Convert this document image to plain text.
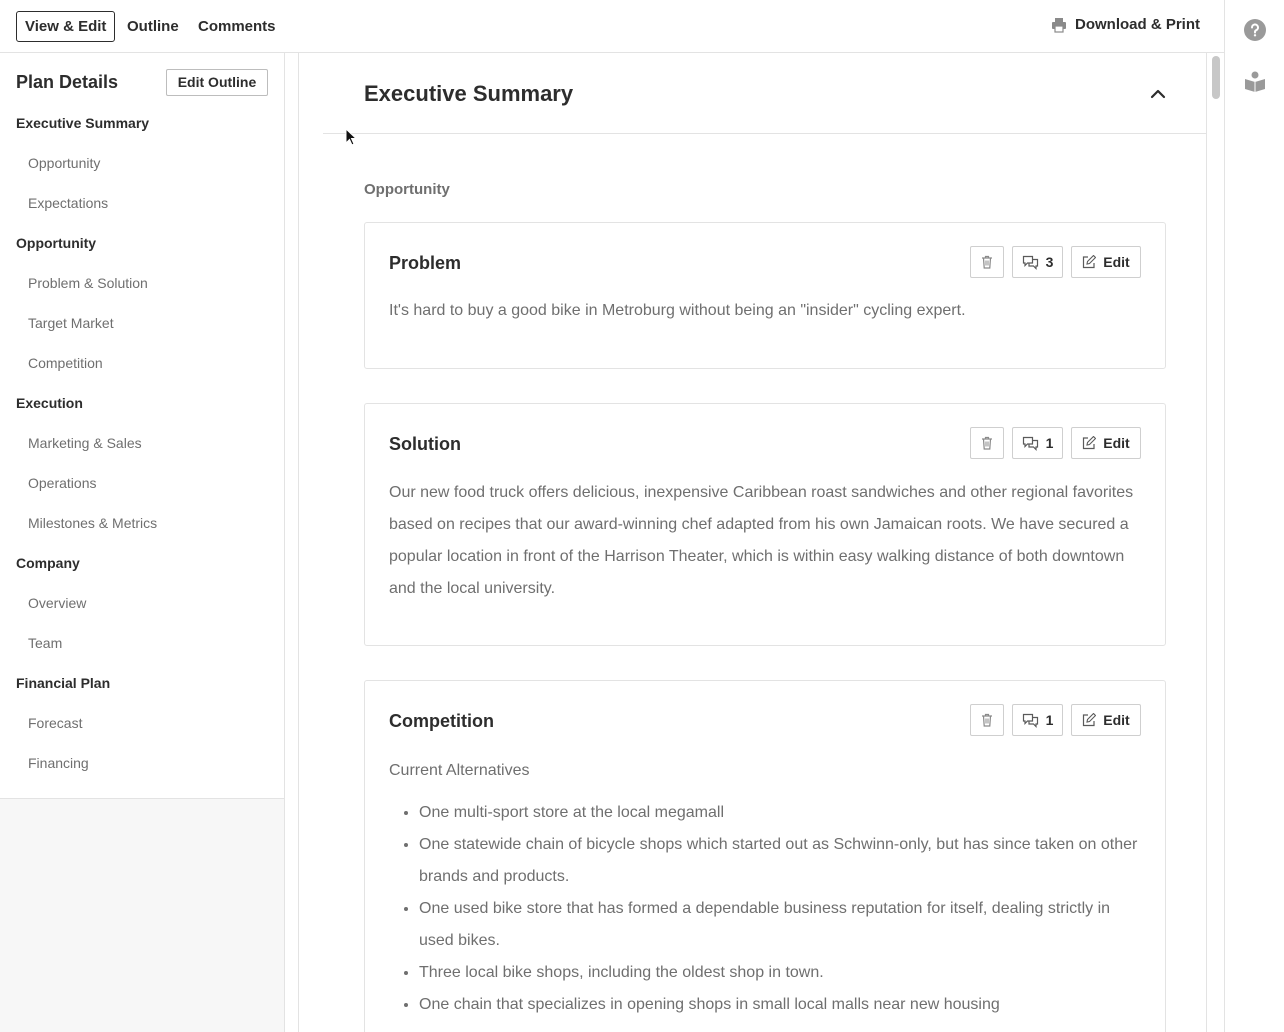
View & Edit	Outline	Comments	Download & Print
Plan Details	Edit Outline
Executive Summary
Opportunity
Expectations
Opportunity
Problem & Solution
Target Market
Competition
Execution
Marketing & Sales
Operations
Milestones & Metrics
Company
Overview
Team
Financial Plan
Forecast
Financing
Executive Summary
Opportunity
Problem	3	Edit
It's hard to buy a good bike in Metroburg without being an "insider" cycling expert.
Solution	1	Edit
Our new food truck offers delicious, inexpensive Caribbean roast sandwiches and other regional favorites based on recipes that our award-winning chef adapted from his own Jamaican roots. We have secured a popular location in front of the Harrison Theater, which is within easy walking distance of both downtown and the local university.
Competition	1	Edit
Current Alternatives
• One multi-sport store at the local megamall
• One statewide chain of bicycle shops which started out as Schwinn-only, but has since taken on other brands and products.
• One used bike store that has formed a dependable business reputation for itself, dealing strictly in used bikes.
• Three local bike shops, including the oldest shop in town.
• One chain that specializes in opening shops in small local malls near new housing
